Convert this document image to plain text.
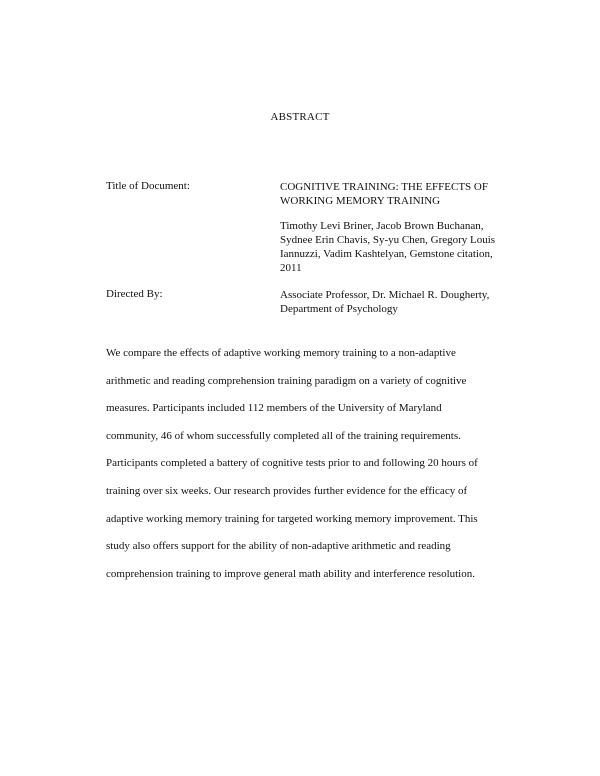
ABSTRACT
Title of Document:	COGNITIVE TRAINING: THE EFFECTS OF
WORKING MEMORY TRAINING
Timothy Levi Briner, Jacob Brown Buchanan,
Sydnee Erin Chavis, Sy-yu Chen, Gregory Louis
Iannuzzi, Vadim Kashtelyan, Gemstone citation,
2011
Directed By:	Associate Professor, Dr. Michael R. Dougherty,
Department of Psychology
We compare the effects of adaptive working memory training to a non-adaptive
arithmetic and reading comprehension training paradigm on a variety of cognitive
measures. Participants included 112 members of the University of Maryland
community, 46 of whom successfully completed all of the training requirements.
Participants completed a battery of cognitive tests prior to and following 20 hours of
training over six weeks. Our research provides further evidence for the efficacy of
adaptive working memory training for targeted working memory improvement. This
study also offers support for the ability of non-adaptive arithmetic and reading
comprehension training to improve general math ability and interference resolution.
